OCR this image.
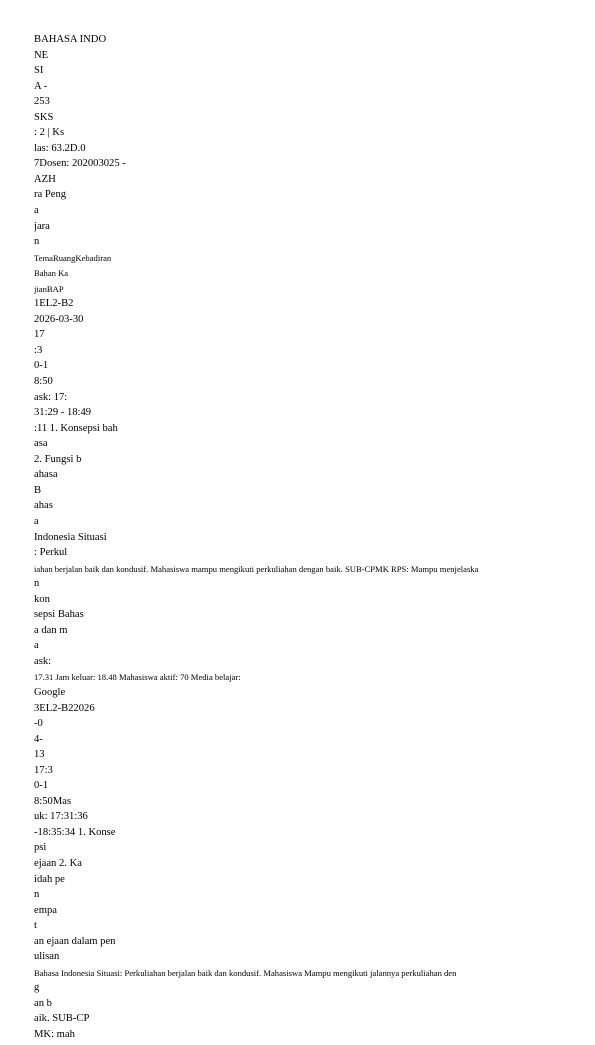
BAHASA INDO
NE
SI
A -
253
SKS
: 2 | Ks
las: 63.2D.0
7Dosen: 202003025 -
AZH
ra Peng
a
jara
n
TemaRuangKebadiran
Bahan Ka
jianBAP
1EL2-B2
2026-03-30
17
:3
0-1
8:50
ask: 17:
31:29 - 18:49
:11 1. Konsepsi bah
asa
2. Fungsi b
ahasa
B
ahas
a
Indonesia Situasi
: Perkul
iahan berjalan baik dan kondusif. Mahasiswa mampu mengikuti perkuliahan dengan baik. SUB-CPMK RPS: Mampu menjelaska
n
kon
sepsi Bahas
a dan m
a
ask:
17.31 Jam keluar: 18.48 Mahasiswa aktif: 70 Media belajar:
Google
3EL2-B22026
-0
4-
13
17:3
0-1
8:50Mas
uk: 17:31:36
-18:35:34 1. Konse
psi
ejaan 2. Ka
idah pe
n
empa
t
an ejaan dalam pen
ulisan
Bahasa Indonesia Situasi: Perkuliahan berjalan baik dan kondusif. Mahasiswa Mampu mengikuti jalannya perkuliahan den
g
an b
aik. SUB-CP
MK: mah
